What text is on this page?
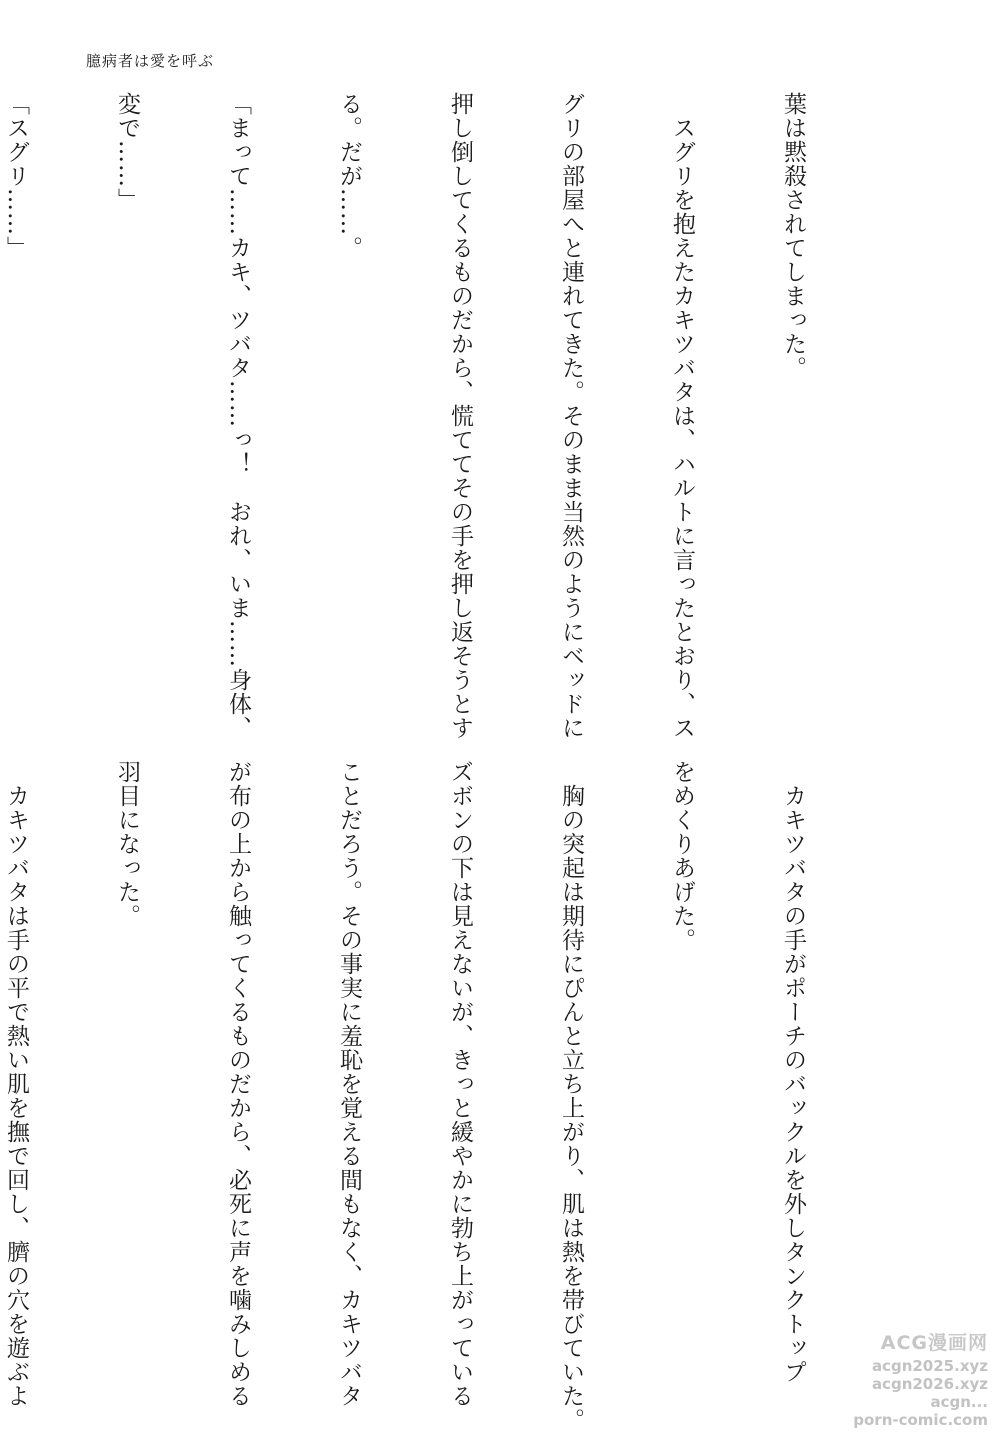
臆病者は愛を呼ぶ

葉は黙殺されてしまった。

　スグリを抱えたカキツバタは、ハルトに言ったとおり、ス

グリの部屋へと連れてきた。そのまま当然のようにベッドに

押し倒してくるものだから、慌ててその手を押し返そうとす

る。だが……。

「まって……カキ、ツバタ……っ！　おれ、いま……身体、

変で……」

「スグリ……」

　カキツバタの手がポーチのバックルを外しタンクトップ

をめくりあげた。

　胸の突起は期待にぴんと立ち上がり、肌は熱を帯びていた。

ズボンの下は見えないが、きっと緩やかに勃ち上がっている

ことだろう。その事実に羞恥を覚える間もなく、カキツバタ

が布の上から触ってくるものだから、必死に声を噛みしめる

羽目になった。

　カキツバタは手の平で熱い肌を撫で回し、臍の穴を遊ぶよ

	ACG漫画网
acgn2025.xyz
acgn2026.xyz
acgn...
porn-comic.com
